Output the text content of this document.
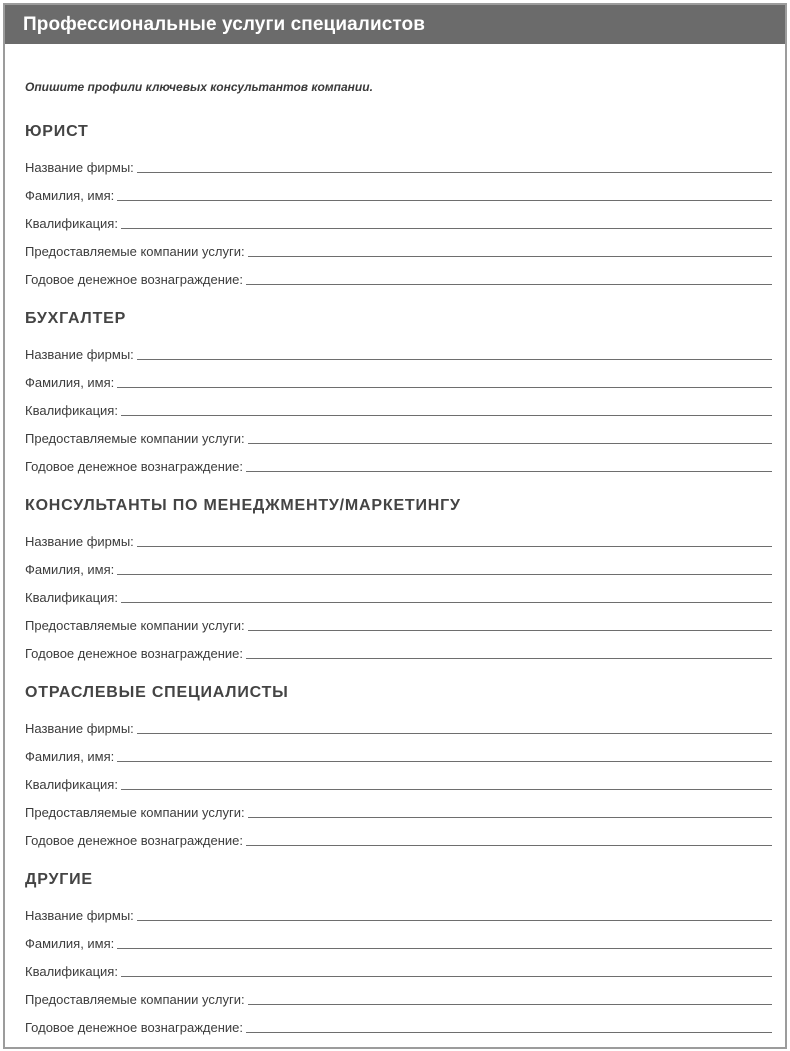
Профессиональные услуги специалистов
Опишите профили ключевых консультантов компании.
ЮРИСТ
Название фирмы:
Фамилия, имя:
Квалификация:
Предоставляемые компании услуги:
Годовое денежное вознаграждение:
БУХГАЛТЕР
Название фирмы:
Фамилия, имя:
Квалификация:
Предоставляемые компании услуги:
Годовое денежное вознаграждение:
КОНСУЛЬТАНТЫ ПО МЕНЕДЖМЕНТУ/МАРКЕТИНГУ
Название фирмы:
Фамилия, имя:
Квалификация:
Предоставляемые компании услуги:
Годовое денежное вознаграждение:
ОТРАСЛЕВЫЕ СПЕЦИАЛИСТЫ
Название фирмы:
Фамилия, имя:
Квалификация:
Предоставляемые компании услуги:
Годовое денежное вознаграждение:
ДРУГИЕ
Название фирмы:
Фамилия, имя:
Квалификация:
Предоставляемые компании услуги:
Годовое денежное вознаграждение:
